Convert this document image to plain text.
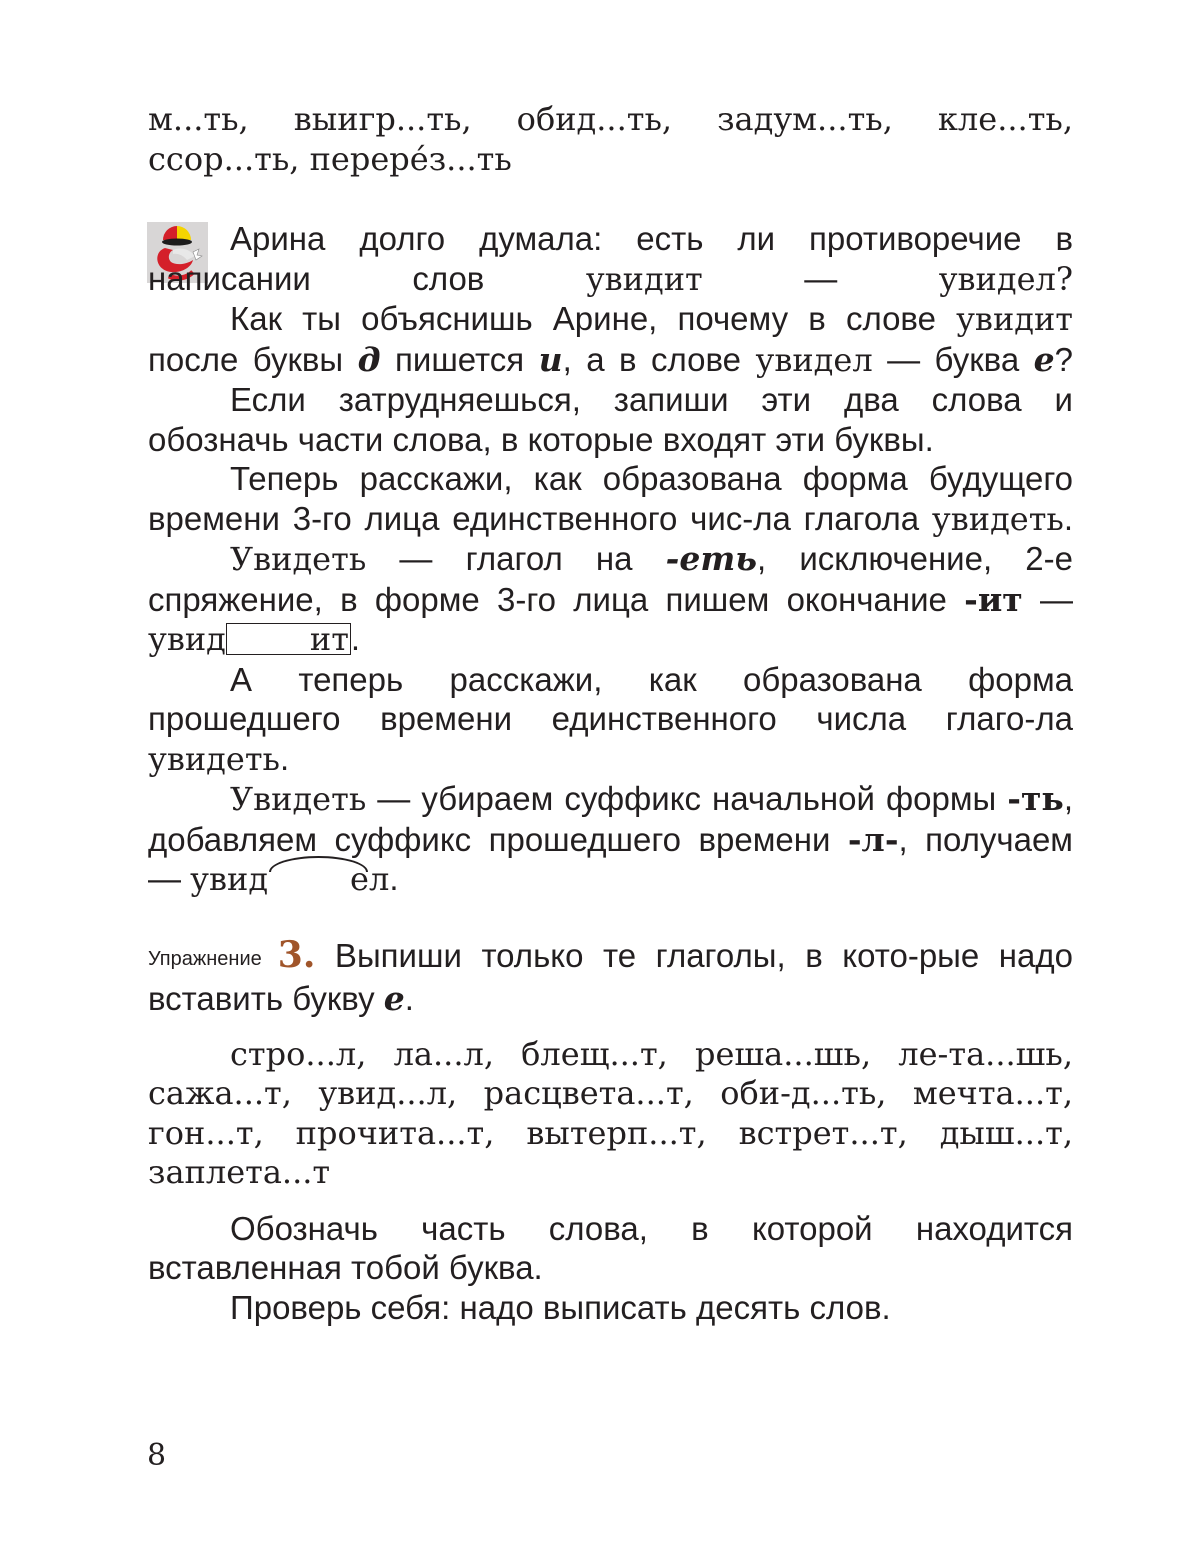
м...ть, выигр...ть, обид...ть, задум...ть, кле...ть,

ссор...ть, перере́з...ть

Арина долго думала: есть ли противоречие в написании слов увидит — увидел?

Как ты объяснишь Арине, почему в слове увидит после буквы д пишется и, а в слове увидел — буква е?

Если затрудняешься, запиши эти два слова и обозначь части слова, в которые входят эти буквы.

Теперь расскажи, как образована форма будущего времени 3-го лица единственного чис-ла глагола увидеть.

Увидеть — глагол на -еть, исключение, 2-е спряжение, в форме 3-го лица пишем окончание -ит — увид	ит.

А теперь расскажи, как образована форма прошедшего времени единственного числа глаго-ла увидеть.

Увидеть — убираем суффикс начальной формы -ть, добавляем суффикс прошедшего времени -л-, получаем — увид	ел.

Упражнение 3. Выпиши только те глаголы, в кото-рые надо вставить букву е.

стро...л, ла...л, блещ...т, реша...шь, ле-та...шь, сажа...т, увид...л, расцвета...т, оби-д...ть, мечта...т, гон...т, прочита...т, вытерп...т, встрет...т, дыш...т, заплета...т

Обозначь часть слова, в которой находится вставленная тобой буква.

Проверь себя: надо выписать десять слов.

8
